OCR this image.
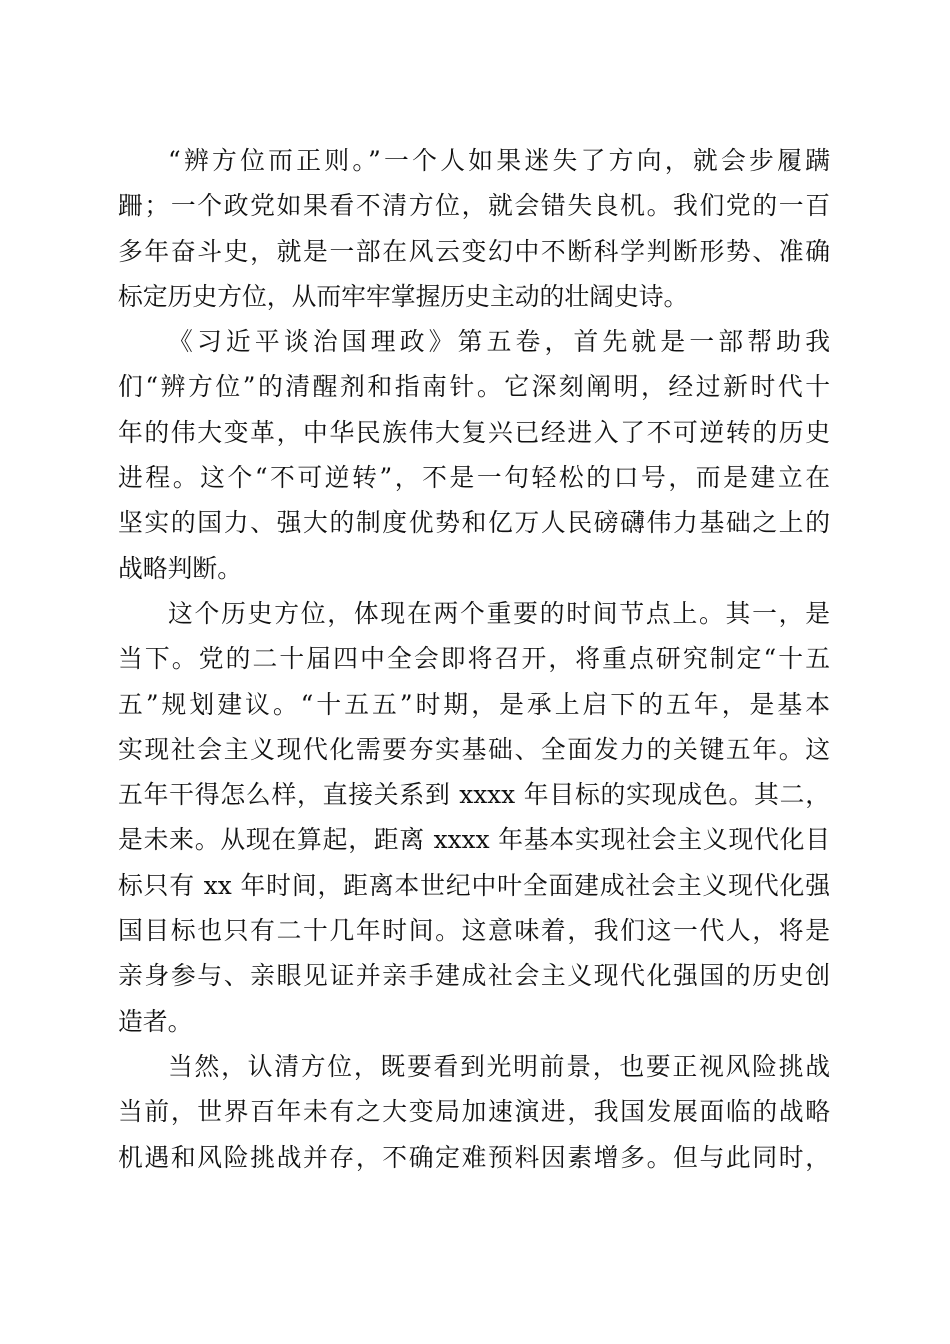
“辨方位而正则。”一个人如果迷失了方向，就会步履蹒
跚；一个政党如果看不清方位，就会错失良机。我们党的一百
多年奋斗史，就是一部在风云变幻中不断科学判断形势、准确
标定历史方位，从而牢牢掌握历史主动的壮阔史诗。
《习近平谈治国理政》第五卷，首先就是一部帮助我
们“辨方位”的清醒剂和指南针。它深刻阐明，经过新时代十
年的伟大变革，中华民族伟大复兴已经进入了不可逆转的历史
进程。这个“不可逆转”，不是一句轻松的口号，而是建立在
坚实的国力、强大的制度优势和亿万人民磅礴伟力基础之上的
战略判断。
这个历史方位，体现在两个重要的时间节点上。其一，是
当下。党的二十届四中全会即将召开，将重点研究制定“十五
五”规划建议。“十五五”时期，是承上启下的五年，是基本
实现社会主义现代化需要夯实基础、全面发力的关键五年。这
五年干得怎么样，直接关系到 xxxx 年目标的实现成色。其二，
是未来。从现在算起，距离 xxxx 年基本实现社会主义现代化目
标只有 xx 年时间，距离本世纪中叶全面建成社会主义现代化强
国目标也只有二十几年时间。这意味着，我们这一代人，将是
亲身参与、亲眼见证并亲手建成社会主义现代化强国的历史创
造者。
当然，认清方位，既要看到光明前景，也要正视风险挑战
当前，世界百年未有之大变局加速演进，我国发展面临的战略
机遇和风险挑战并存，不确定难预料因素增多。但与此同时，
